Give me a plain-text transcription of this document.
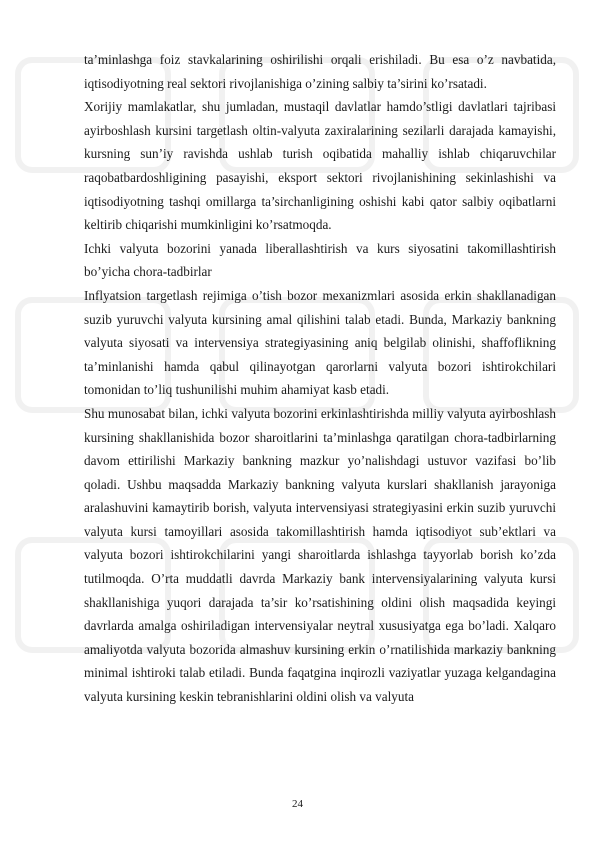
ta’minlashga foiz stavkalarining oshirilishi orqali erishiladi. Bu esa o’z navbatida, iqtisodiyotning real sektori rivojlanishiga o’zining salbiy ta’sirini ko’rsatadi.

Xorijiy mamlakatlar, shu jumladan, mustaqil davlatlar hamdo’stligi davlatlari tajribasi ayirboshlash kursini targetlash oltin-valyuta zaxiralarining sezilarli darajada kamayishi, kursning sun’iy ravishda ushlab turish oqibatida mahalliy ishlab chiqaruvchilar raqobatbardoshligining pasayishi, eksport sektori rivojlanishining sekinlashishi va iqtisodiyotning tashqi omillarga ta’sirchanligining oshishi kabi qator salbiy oqibatlarni keltirib chiqarishi mumkinligini ko’rsatmoqda.

Ichki valyuta bozorini yanada liberallashtirish va kurs siyosatini takomillashtirish bo’yicha chora-tadbirlar

Inflyatsion targetlash rejimiga o’tish bozor mexanizmlari asosida erkin shakllanadigan suzib yuruvchi valyuta kursining amal qilishini talab etadi. Bunda, Markaziy bankning valyuta siyosati va intervensiya strategiyasining aniq belgilab olinishi, shaffoflikning ta’minlanishi hamda qabul qilinayotgan qarorlarni valyuta bozori ishtirokchilari tomonidan to’liq tushunilishi muhim ahamiyat kasb etadi.

Shu munosabat bilan, ichki valyuta bozorini erkinlashtirishda milliy valyuta ayirboshlash kursining shakllanishida bozor sharoitlarini ta’minlashga qaratilgan chora-tadbirlarning davom ettirilishi Markaziy bankning mazkur yo’nalishdagi ustuvor vazifasi bo’lib qoladi. Ushbu maqsadda Markaziy bankning valyuta kurslari shakllanish jarayoniga aralashuvini kamaytirib borish, valyuta intervensiyasi strategiyasini erkin suzib yuruvchi valyuta kursi tamoyillari asosida takomillashtirish hamda iqtisodiyot sub’ektlari va valyuta bozori ishtirokchilarini yangi sharoitlarda ishlashga tayyorlab borish ko’zda tutilmoqda. O’rta muddatli davrda Markaziy bank intervensiyalarining valyuta kursi shakllanishiga yuqori darajada ta’sir ko’rsatishining oldini olish maqsadida keyingi davrlarda amalga oshiriladigan intervensiyalar neytral xususiyatga ega bo’ladi. Xalqaro amaliyotda valyuta bozorida almashuv kursining erkin o’rnatilishida markaziy bankning minimal ishtiroki talab etiladi. Bunda faqatgina inqirozli vaziyatlar yuzaga kelgandagina valyuta kursining keskin tebranishlarini oldini olish va valyuta

24
